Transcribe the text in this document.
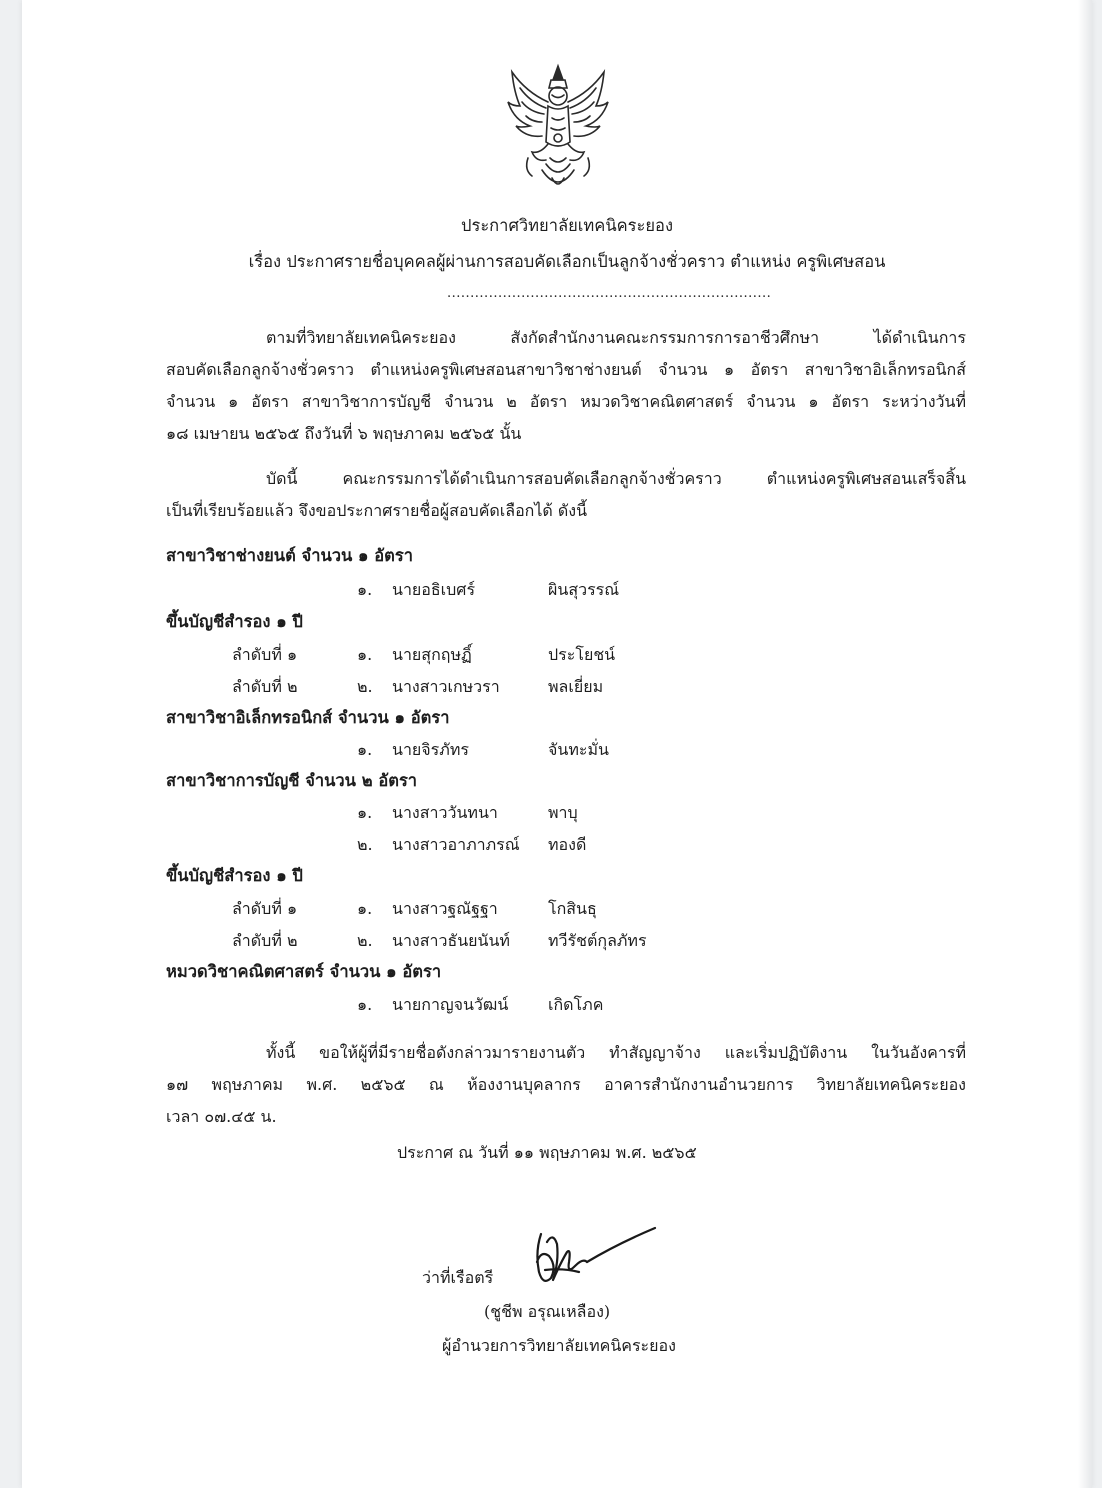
ประกาศวิทยาลัยเทคนิคระยอง
เรื่อง ประกาศรายชื่อบุคคลผู้ผ่านการสอบคัดเลือกเป็นลูกจ้างชั่วคราว ตำแหน่ง ครูพิเศษสอน
......................................................................
ตามที่วิทยาลัยเทคนิคระยอง สังกัดสำนักงานคณะกรรมการการอาชีวศึกษา ได้ดำเนินการ
สอบคัดเลือกลูกจ้างชั่วคราว ตำแหน่งครูพิเศษสอนสาขาวิชาช่างยนต์ จำนวน ๑ อัตรา สาขาวิชาอิเล็กทรอนิกส์
จำนวน ๑ อัตรา สาขาวิชาการบัญชี จำนวน ๒ อัตรา หมวดวิชาคณิตศาสตร์ จำนวน ๑ อัตรา ระหว่างวันที่
๑๘ เมษายน ๒๕๖๕ ถึงวันที่ ๖ พฤษภาคม ๒๕๖๕ นั้น
บัดนี้ คณะกรรมการได้ดำเนินการสอบคัดเลือกลูกจ้างชั่วคราว ตำแหน่งครูพิเศษสอนเสร็จสิ้น
เป็นที่เรียบร้อยแล้ว จึงขอประกาศรายชื่อผู้สอบคัดเลือกได้ ดังนี้
สาขาวิชาช่างยนต์ จำนวน ๑ อัตรา
๑. นายอธิเบศร์	ผินสุวรรณ์
ขึ้นบัญชีสำรอง ๑ ปี
ลำดับที่ ๑	๑. นายสุกฤษฏิ์	ประโยชน์
ลำดับที่ ๒	๒. นางสาวเกษวรา	พลเยี่ยม
สาขาวิชาอิเล็กทรอนิกส์ จำนวน ๑ อัตรา
๑. นายจิรภัทร	จันทะมั่น
สาขาวิชาการบัญชี จำนวน ๒ อัตรา
๑. นางสาววันทนา	พาบุ
๒. นางสาวอาภาภรณ์ ทองดี
ขึ้นบัญชีสำรอง ๑ ปี
ลำดับที่ ๑	๑. นางสาวฐณัฐฐา	โกสินธุ
ลำดับที่ ๒	๒. นางสาวธันยนันท์ ทวีรัชต์กุลภัทร
หมวดวิชาคณิตศาสตร์ จำนวน ๑ อัตรา
๑. นายกาญจนวัฒน์ เกิดโภค
ทั้งนี้ ขอให้ผู้ที่มีรายชื่อดังกล่าวมารายงานตัว ทำสัญญาจ้าง และเริ่มปฏิบัติงาน ในวันอังคารที่
๑๗ พฤษภาคม พ.ศ. ๒๕๖๕ ณ ห้องงานบุคลากร อาคารสำนักงานอำนวยการ วิทยาลัยเทคนิคระยอง
เวลา ๐๗.๔๕ น.
ประกาศ ณ วันที่ ๑๑ พฤษภาคม พ.ศ. ๒๕๖๕
ว่าที่เรือตรี
(ชูชีพ อรุณเหลือง)
ผู้อำนวยการวิทยาลัยเทคนิคระยอง
